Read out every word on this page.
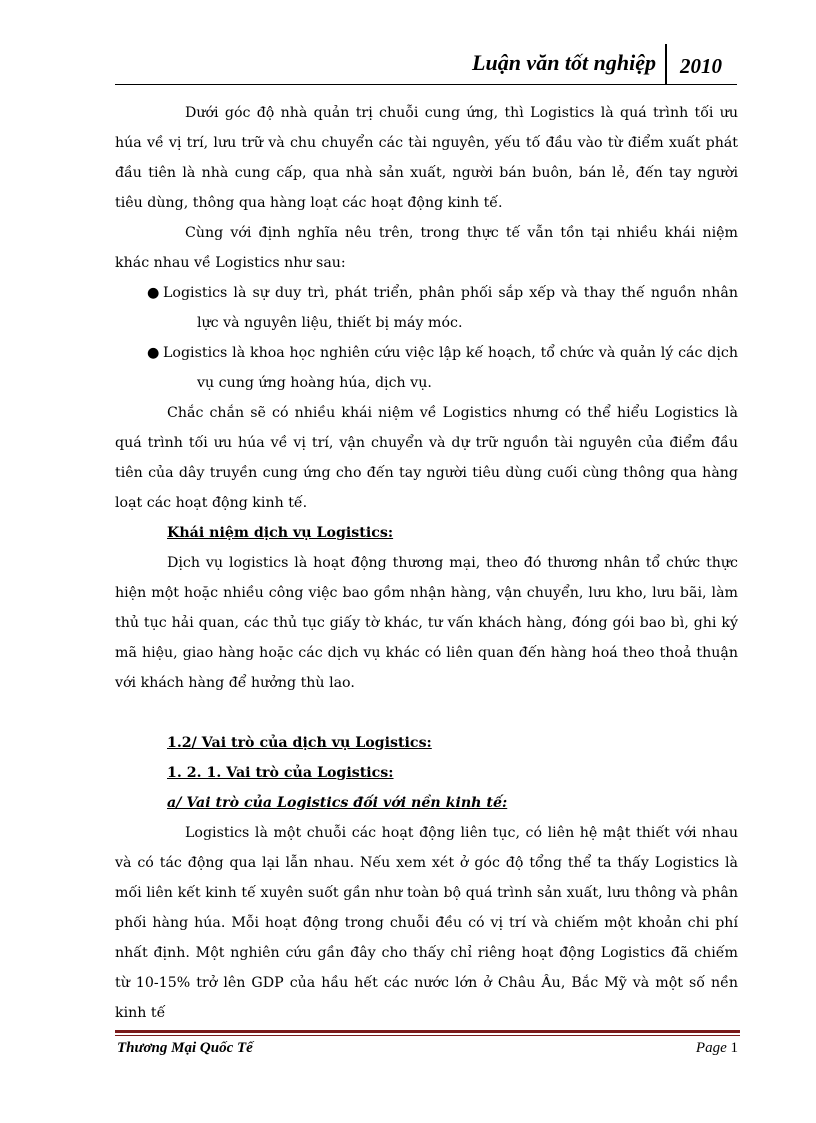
Luận văn tốt nghiệp 2010

Dưới góc độ nhà quản trị chuỗi cung ứng, thì Logistics là quá trình tối ưu húa về vị trí, lưu trữ và chu chuyển các tài nguyên, yếu tố đầu vào từ điểm xuất phát đầu tiên là nhà cung cấp, qua nhà sản xuất, người bán buôn, bán lẻ, đến tay người tiêu dùng, thông qua hàng loạt các hoạt động kinh tế.

Cùng với định nghĩa nêu trên, trong thực tế vẫn tồn tại nhiều khái niệm khác nhau về Logistics như sau:

● Logistics là sự duy trì, phát triển, phân phối sắp xếp và thay thế nguồn nhân lực và nguyên liệu, thiết bị máy móc.

● Logistics là khoa học nghiên cứu việc lập kế hoạch, tổ chức và quản lý các dịch vụ cung ứng hoàng húa, dịch vụ.

Chắc chắn sẽ có nhiều khái niệm về Logistics nhưng có thể hiểu Logistics là quá trình tối ưu húa về vị trí, vận chuyển và dự trữ nguồn tài nguyên của điểm đầu tiên của dây truyền cung ứng cho đến tay người tiêu dùng cuối cùng thông qua hàng loạt các hoạt động kinh tế.

Khái niệm dịch vụ Logistics:

Dịch vụ logistics là hoạt động thương mại, theo đó thương nhân tổ chức thực hiện một hoặc nhiều công việc bao gồm nhận hàng, vận chuyển, lưu kho, lưu bãi, làm thủ tục hải quan, các thủ tục giấy tờ khác, tư vấn khách hàng, đóng gói bao bì, ghi ký mã hiệu, giao hàng hoặc các dịch vụ khác có liên quan đến hàng hoá theo thoả thuận với khách hàng để hưởng thù lao.

1.2/ Vai trò của dịch vụ Logistics:

1. 2. 1. Vai trò của Logistics:

a/ Vai trò của Logistics đối với nền kinh tế:

Logistics là một chuỗi các hoạt động liên tục, có liên hệ mật thiết với nhau và có tác động qua lại lẫn nhau. Nếu xem xét ở góc độ tổng thể ta thấy Logistics là mối liên kết kinh tế xuyên suốt gần như toàn bộ quá trình sản xuất, lưu thông và phân phối hàng húa. Mỗi hoạt động trong chuỗi đều có vị trí và chiếm một khoản chi phí nhất định. Một nghiên cứu gần đây cho thấy chỉ riêng hoạt động Logistics đã chiếm từ 10-15% trở lên GDP của hầu hết các nước lớn ở Châu Âu, Bắc Mỹ và một số nền kinh tế

Thương Mại Quốc Tế	Page 1
